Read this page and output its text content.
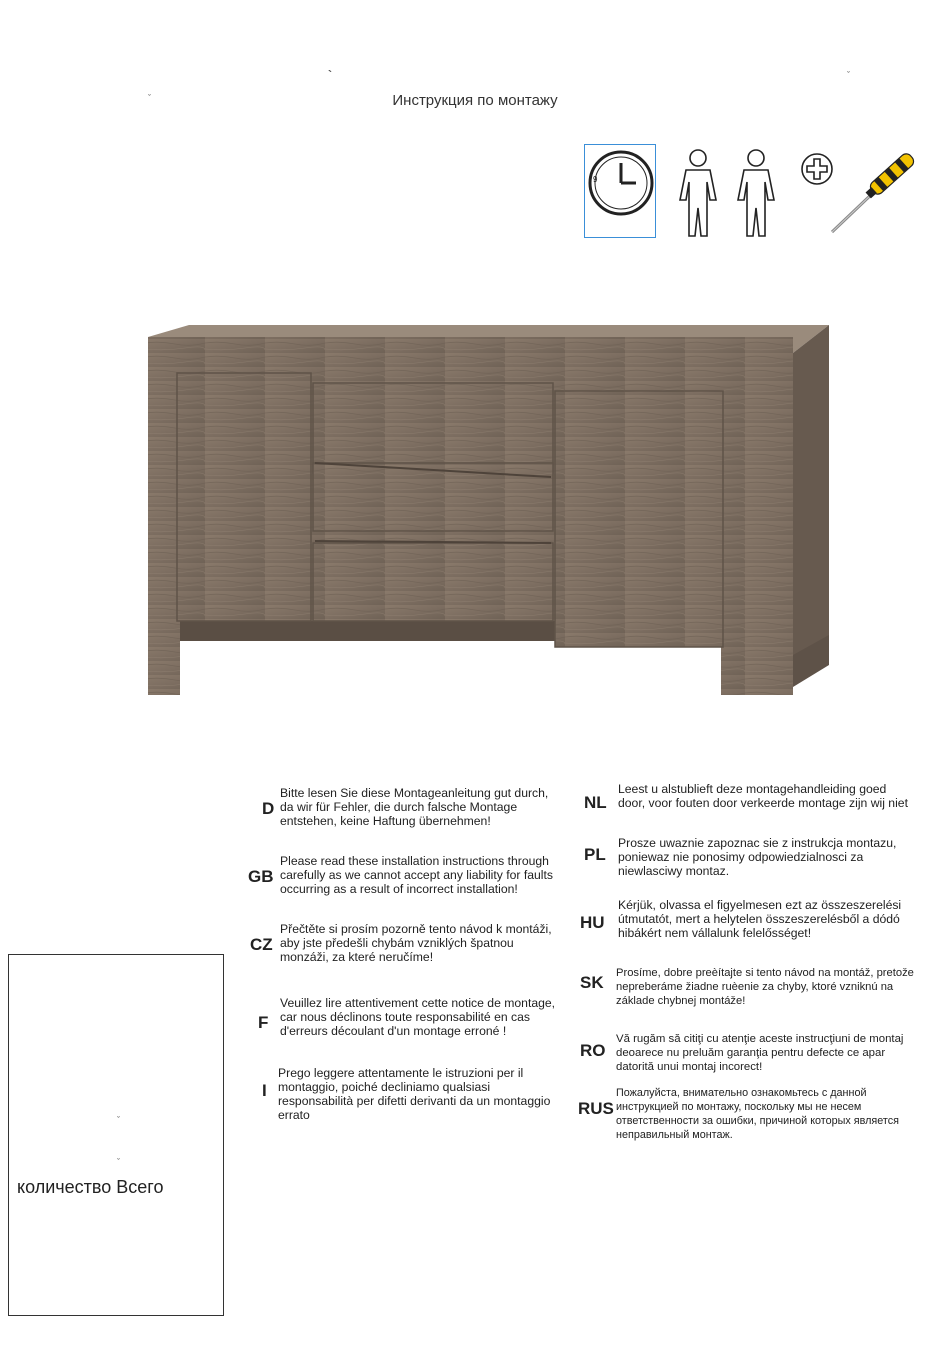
ˇ
ˇ
`
Инструкция по монтажу
9
D
Bitte lesen Sie diese Montageanleitung gut durch, da wir für Fehler, die durch falsche Montage entstehen, keine Haftung übernehmen!
GB
Please read these installation instructions through carefully as we cannot accept any liability for faults occurring as a result of incorrect installation!
CZ
Přečtěte si prosím pozorně tento návod k montáži, aby jste předešli chybám vzniklých špatnou monzáži, za které neručíme!
F
Veuillez lire attentivement cette notice de montage, car nous déclinons toute responsabilité en cas d'erreurs découlant d'un montage erroné !
I
Prego leggere attentamente le istruzioni per il montaggio, poiché decliniamo qualsiasi responsabilità per difetti derivanti da un montaggio errato
NL
Leest u alstublieft deze montagehandleiding goed door, voor fouten door verkeerde montage zijn wij niet
PL
Prosze uwaznie zapoznac sie z instrukcja montazu, poniewaz nie ponosimy odpowiedzialnosci za niewlasciwy montaz.
HU
Kérjük, olvassa el figyelmesen ezt az összeszerelési útmutatót, mert a helytelen összeszerelésből a dódó hibákért nem vállalunk felelősséget!
SK Prosíme, dobre preèítajte si tento návod na montáž, pretože nepreberáme žiadne ruèenie za chyby, ktoré vzniknú na základe chybnej montáže!
RO
Vă rugăm să citiţi cu atenţie aceste instrucţiuni de montaj deoarece nu preluăm garanţia pentru defecte ce apar datorită unui montaj incorect!
RUS
Пожалуйста, внимательно ознакомьтесь с данной инструкцией по монтажу, поскольку мы не несем ответственности за ошибки, причиной которых является неправильный монтаж.
ˇ
ˇ
количество Всего
